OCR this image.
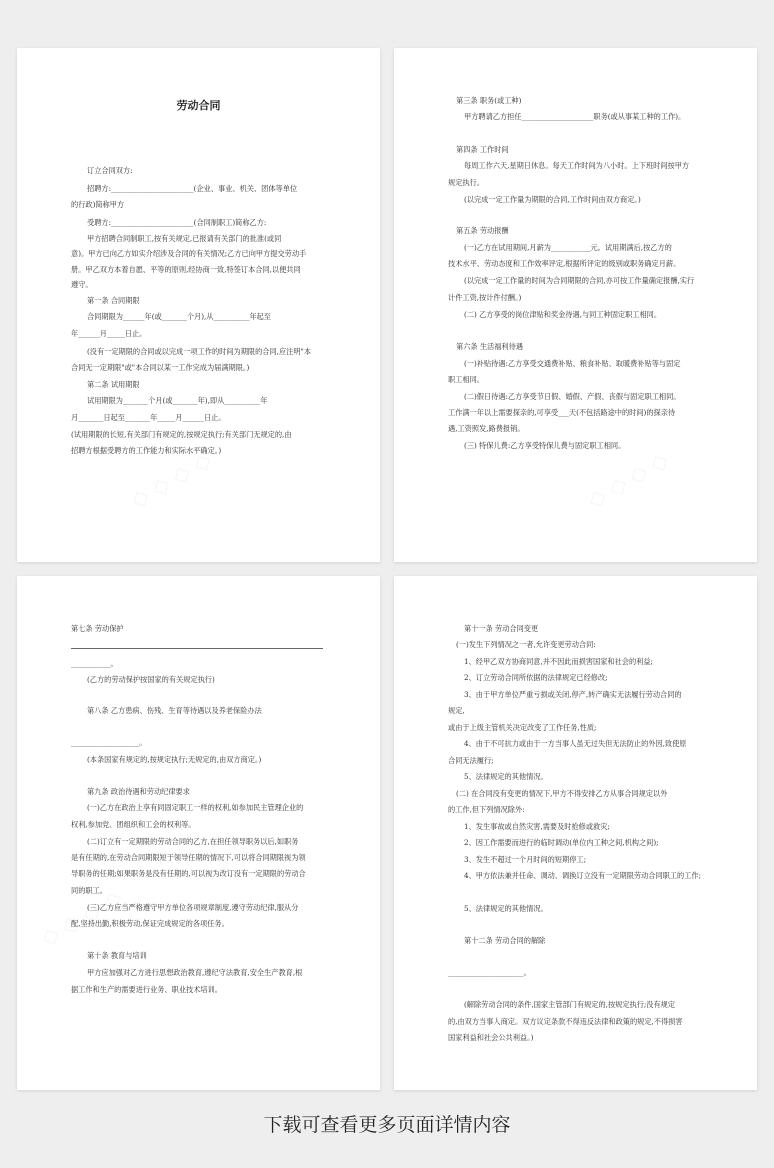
劳动合同
订立合同双方:
招聘方:_______________________(企业、事业、机关、团体等单位
的行政)简称甲方
受聘方:_______________________(合同制职工)简称乙方:
甲方招聘合同制职工,按有关规定,已报请有关部门的批准(或同
意)。甲方已向乙方如实介绍涉及合同的有关情况;乙方已向甲方提交劳动手
册。甲乙双方本着自愿、平等的原则,经协商一致,特签订本合同,以便共同
遵守。
第一条 合同期限
合同期限为______年(或_______个月),从__________年起至
年______月_____日止。
(没有一定期限的合同或以完成一项工作的时间为期限的合同,应注明"本
合同无一定期限"或"本合同以某一工作完成为届满期限。)
第二条 试用期限
试用期限为_______个月(或_______年),即从__________年
月_______日起至_______年_____月______日止。
(试用期限的长短,有关部门有规定的,按规定执行;有关部门无规定的,由
招聘方根据受聘方的工作能力和实际水平确定。)
第三条 职务(或工种)
甲方聘请乙方担任____________________职务(或从事某工种的工作)。
第四条 工作时间
每周工作六天,星期日休息。每天工作时间为八小时。上下班时间按甲方
规定执行。
(以完成一定工作量为期限的合同,工作时间由双方商定。)
第五条 劳动报酬
(一)乙方在试用期间,月薪为___________元。试用期满后,按乙方的
技术水平、劳动态度和工作效率评定,根据所评定的级别或职务确定月薪。
(以完成一定工作量的时间为合同期限的合同,亦可按工作量确定报酬,实行
计件工资,按计件付酬。)
(二) 乙方享受的岗位津贴和奖金待遇,与同工种固定职工相同。
第六条 生活福利待遇
(一)补贴待遇:乙方享受交通费补贴、粮食补贴、取暖费补贴等与固定
职工相同。
(二)假日待遇:乙方享受节日假、婚假、产假、丧假与固定职工相同。
工作满一年以上需要探亲的,可享受___天(不包括路途中的时间)的探亲待
遇,工资照发,路费报销。
(三) 特保儿费:乙方享受特保儿费与固定职工相同。
第七条 劳动保护
___________。
(乙方的劳动保护按国家的有关规定执行)
第八条 乙方患病、伤残、生育等待遇以及养老保险办法
___________________。
(本条国家有规定的,按规定执行;无规定的,由双方商定。)
第九条 政治待遇和劳动纪律要求
(一)乙方在政治上享有同固定职工一样的权利,如参加民主管理企业的
权利,参加党、团组织和工会的权利等。
(二)订立有一定期限的劳动合同的乙方,在担任领导职务以后,如职务
是有任期的,在劳动合同期限短于领导任期的情况下,可以将合同期限视为领
导职务的任期;如果职务是没有任期的,可以视为改订没有一定期限的劳动合
同的职工。
(三)乙方应当严格遵守甲方单位各项规章制度,遵守劳动纪律,服从分
配,坚持出勤,积极劳动,保证完成规定的各项任务。
第十条 教育与培训
甲方应加强对乙方进行思想政治教育,遵纪守法教育,安全生产教育,根
据工作和生产的需要进行业务、职业技术培训。
第十一条 劳动合同变更
(一)发生下列情况之一者,允许变更劳动合同:
1、经甲乙双方协商同意,并不因此而损害国家和社会的利益;
2、订立劳动合同所依据的法律规定已经修改;
3、由于甲方单位严重亏损或关闭,停产,转产确实无法履行劳动合同的
规定,
或由于上级主管机关决定改变了工作任务,性质;
4、由于不可抗力或由于一方当事人虽无过失但无法防止的外因,致使原
合同无法履行;
5、法律规定的其他情况。
(二) 在合同没有变更的情况下,甲方不得安排乙方从事合同规定以外
的工作,但下列情况除外:
1、发生事故或自然灾害,需要及时抢修或救灾;
2、因工作需要而进行的临时调动(单位内工种之间,机构之间);
3、发生不超过一个月时间的短期停工;
4、甲方依法兼并任命、调动、调换订立没有一定期限劳动合同职工的工作;
5、法律规定的其他情况。
第十二条 劳动合同的解除
_____________________。
(解除劳动合同的条件,国家主管部门有规定的,按规定执行;没有规定
的,由双方当事人商定。双方议定条款不得违反法律和政策的规定,不得损害
国家利益和社会公共利益。)
下载可查看更多页面详情内容
